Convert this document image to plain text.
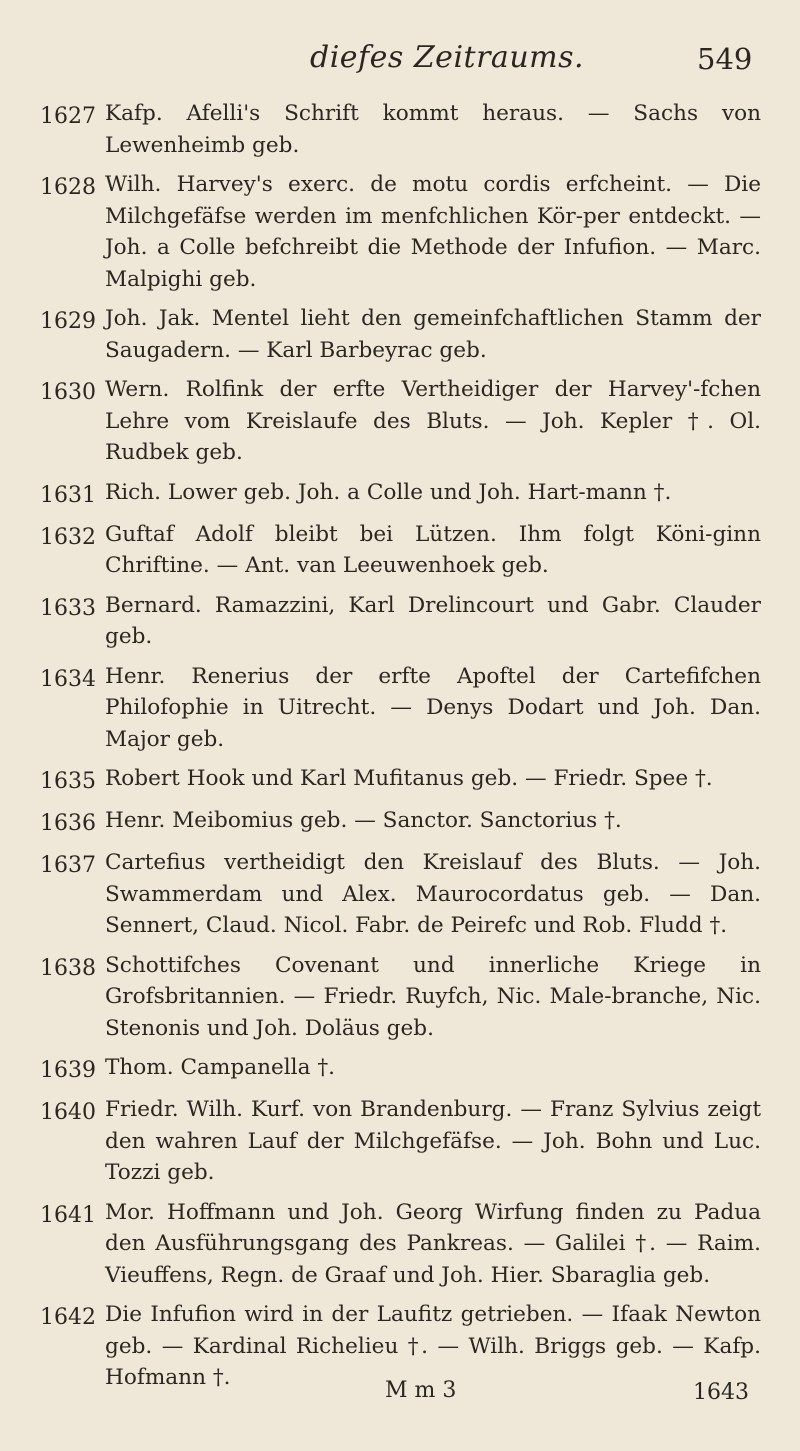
diefes Zeitraums.	549
1627 Kafp. Afelli's Schrift kommt heraus. — Sachs von Lewenheimb geb.

1628 Wilh. Harvey's exerc. de motu cordis erfcheint. — Die Milchgefäfse werden im menfchlichen Kör-per entdeckt. — Joh. a Colle befchreibt die Methode der Infufion. — Marc. Malpighi geb.

1629 Joh. Jak. Mentel lieht den gemeinfchaftlichen Stamm der Saugadern. — Karl Barbeyrac geb.

1630 Wern. Rolfink der erfte Vertheidiger der Harvey'-fchen Lehre vom Kreislaufe des Bluts. — Joh. Kepler †. Ol. Rudbek geb.

1631 Rich. Lower geb. Joh. a Colle und Joh. Hart-mann †.

1632 Guftaf Adolf bleibt bei Lützen. Ihm folgt Köni-ginn Chriftine. — Ant. van Leeuwenhoek geb.

1633 Bernard. Ramazzini, Karl Drelincourt und Gabr. Clauder geb.

1634 Henr. Renerius der erfte Apoftel der Cartefifchen Philofophie in Uitrecht. — Denys Dodart und Joh. Dan. Major geb.

1635 Robert Hook und Karl Mufitanus geb. — Friedr. Spee †.

1636 Henr. Meibomius geb. — Sanctor. Sanctorius †.

1637 Cartefius vertheidigt den Kreislauf des Bluts. — Joh. Swammerdam und Alex. Maurocordatus geb. — Dan. Sennert, Claud. Nicol. Fabr. de Peirefc und Rob. Fludd †.

1638 Schottifches Covenant und innerliche Kriege in Grofsbritannien. — Friedr. Ruyfch, Nic. Male-branche, Nic. Stenonis und Joh. Doläus geb.

1639 Thom. Campanella †.

1640 Friedr. Wilh. Kurf. von Brandenburg. — Franz Sylvius zeigt den wahren Lauf der Milchgefäfse. — Joh. Bohn und Luc. Tozzi geb.

1641 Mor. Hoffmann und Joh. Georg Wirfung finden zu Padua den Ausführungsgang des Pankreas. — Galilei †. — Raim. Vieuffens, Regn. de Graaf und Joh. Hier. Sbaraglia geb.

1642 Die Infufion wird in der Laufitz getrieben. — Ifaak Newton geb. — Kardinal Richelieu †. — Wilh. Briggs geb. — Kafp. Hofmann †.

M m 3	1643
